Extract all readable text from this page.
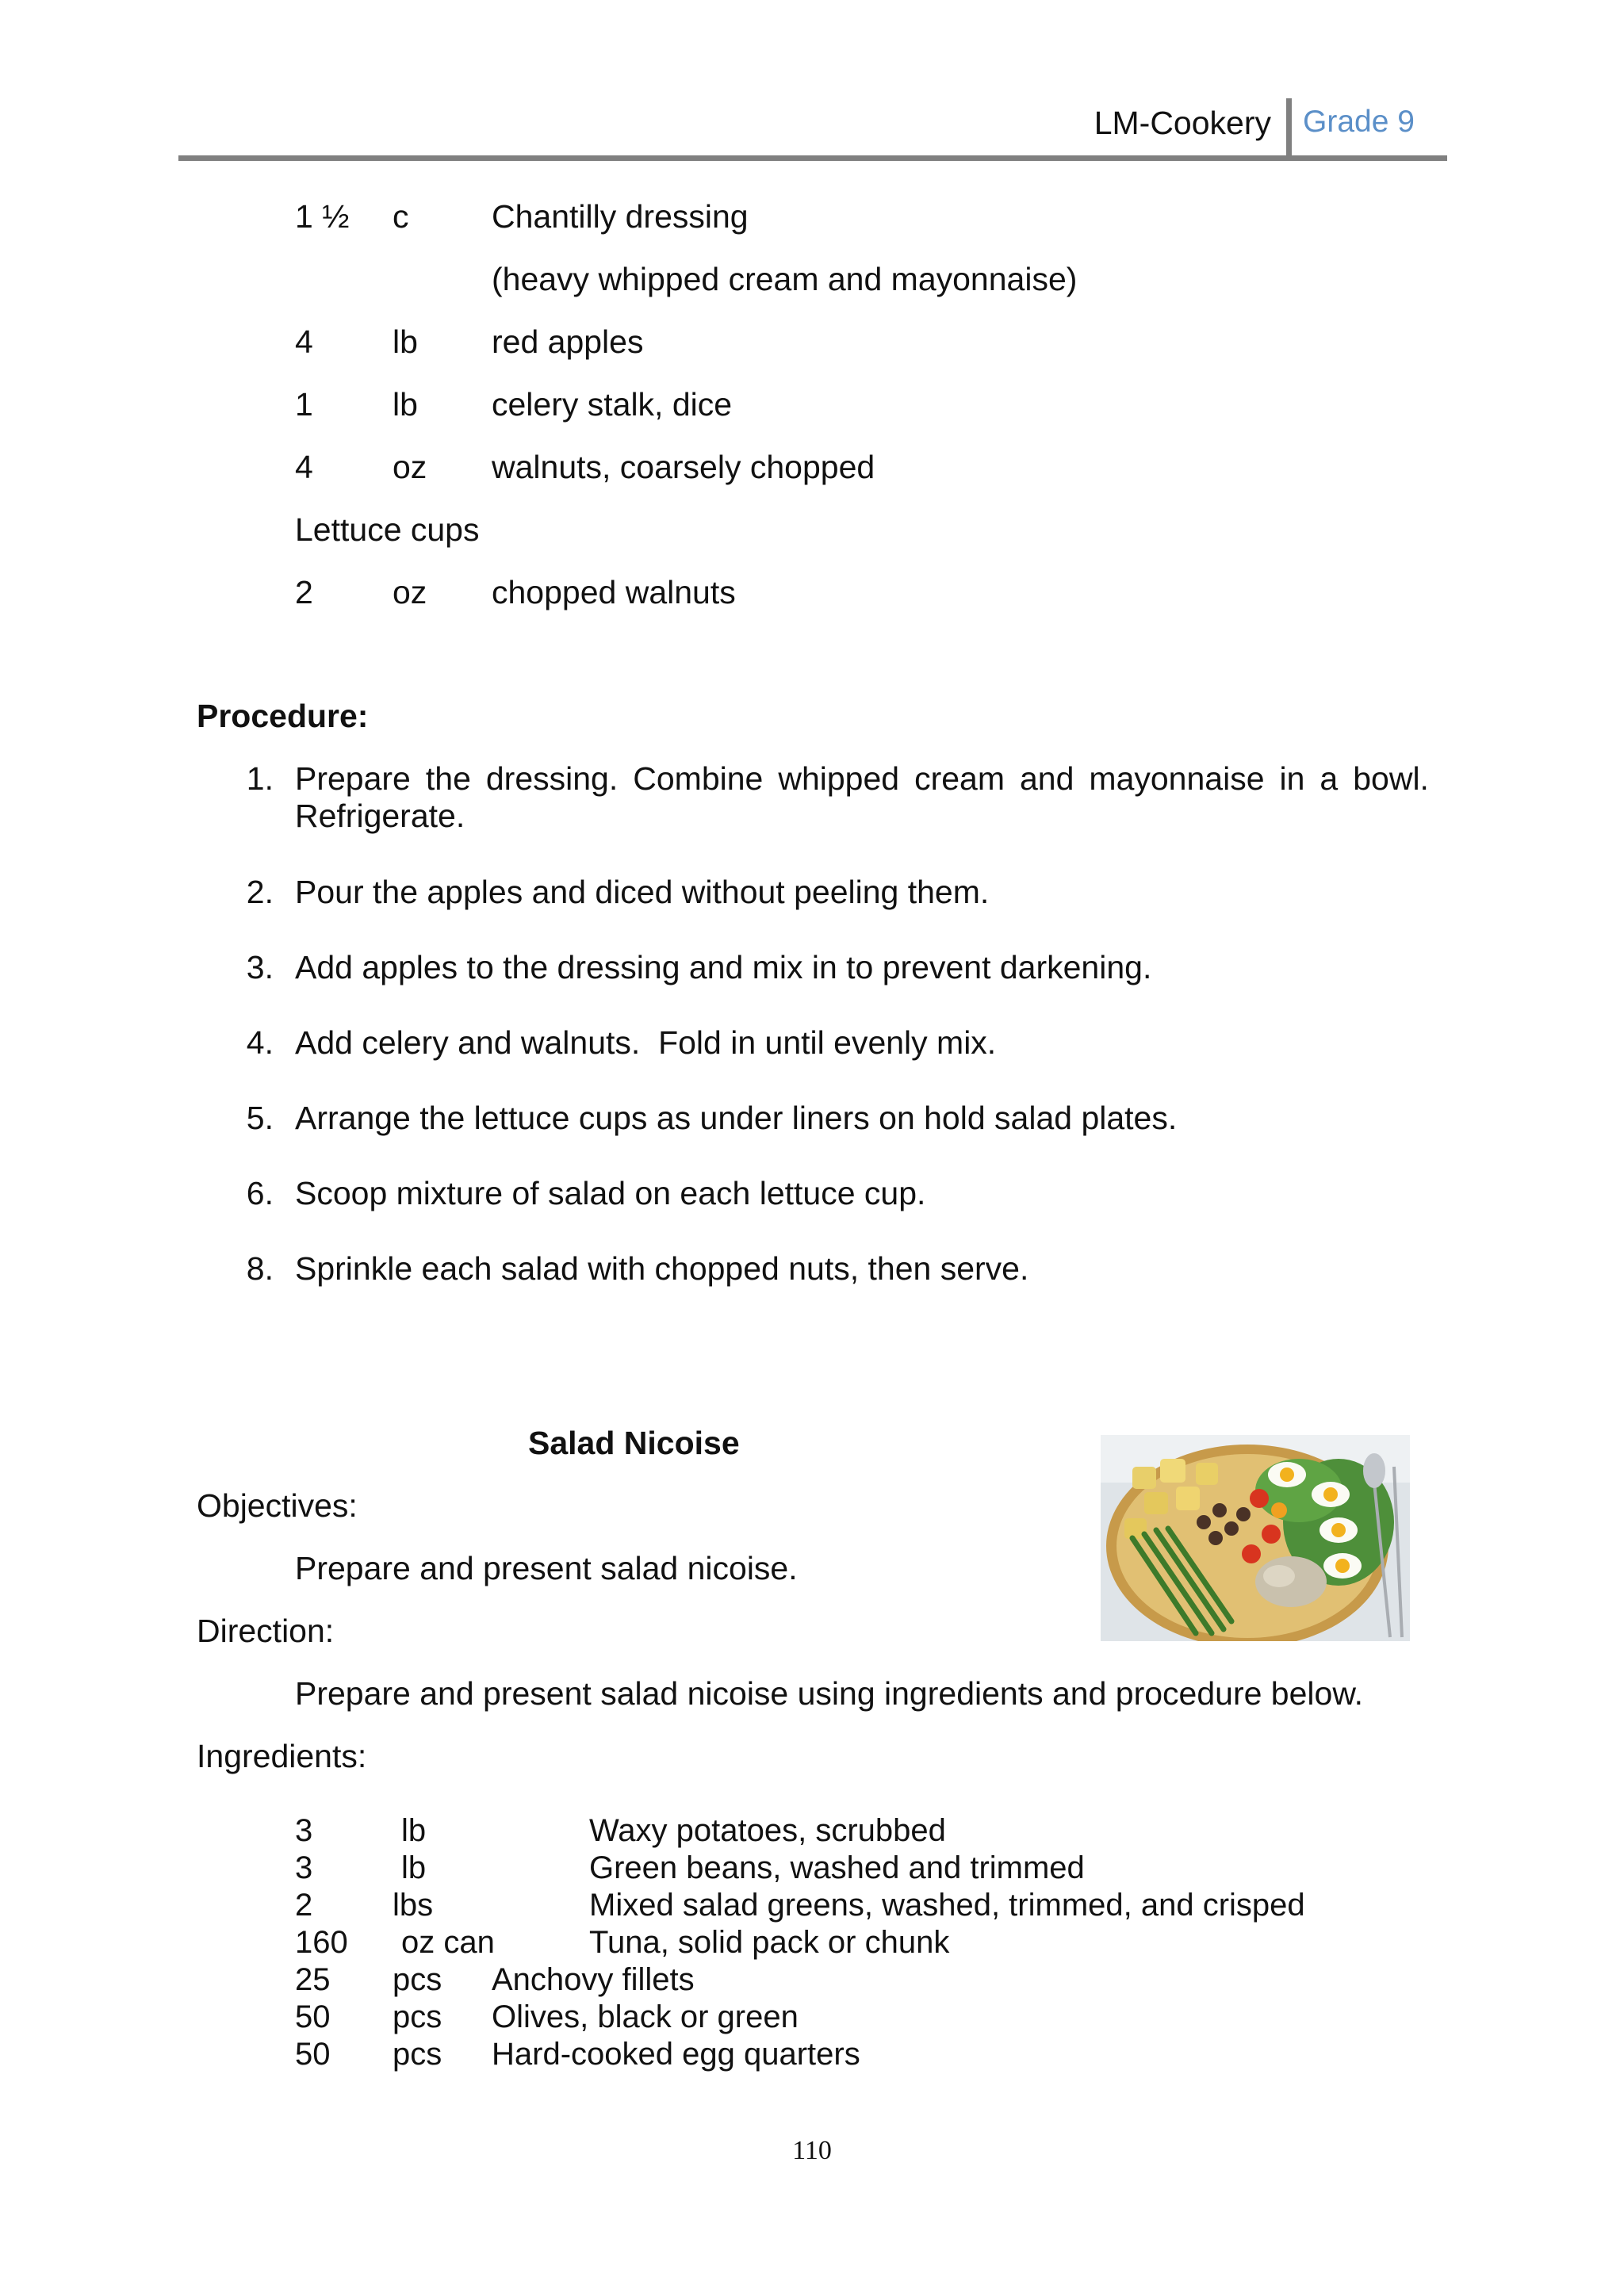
LM-Cookery Grade 9
1 ½ c	Chantilly dressing
(heavy whipped cream and mayonnaise)
4 lb red apples
1 lb celery stalk, dice
4 oz walnuts, coarsely chopped
Lettuce cups
2 oz chopped walnuts
Procedure:
1. Prepare the dressing. Combine whipped cream and mayonnaise in a bowl.
Refrigerate.
2. Pour the apples and diced without peeling them.
3. Add apples to the dressing and mix in to prevent darkening.
4. Add celery and walnuts.  Fold in until evenly mix.
5. Arrange the lettuce cups as under liners on hold salad plates.
6. Scoop mixture of salad on each lettuce cup.
8. Sprinkle each salad with chopped nuts, then serve.
Salad Nicoise
Objectives:
Prepare and present salad nicoise.
Direction:
Prepare and present salad nicoise using ingredients and procedure below.
Ingredients:
3	lb	Waxy potatoes, scrubbed
3	lb	Green beans, washed and trimmed
2	lbs	Mixed salad greens, washed, trimmed, and crisped
160 oz can	Tuna, solid pack or chunk
25 pcs Anchovy fillets
50 pcs Olives, black or green
50 pcs Hard-cooked egg quarters
110
